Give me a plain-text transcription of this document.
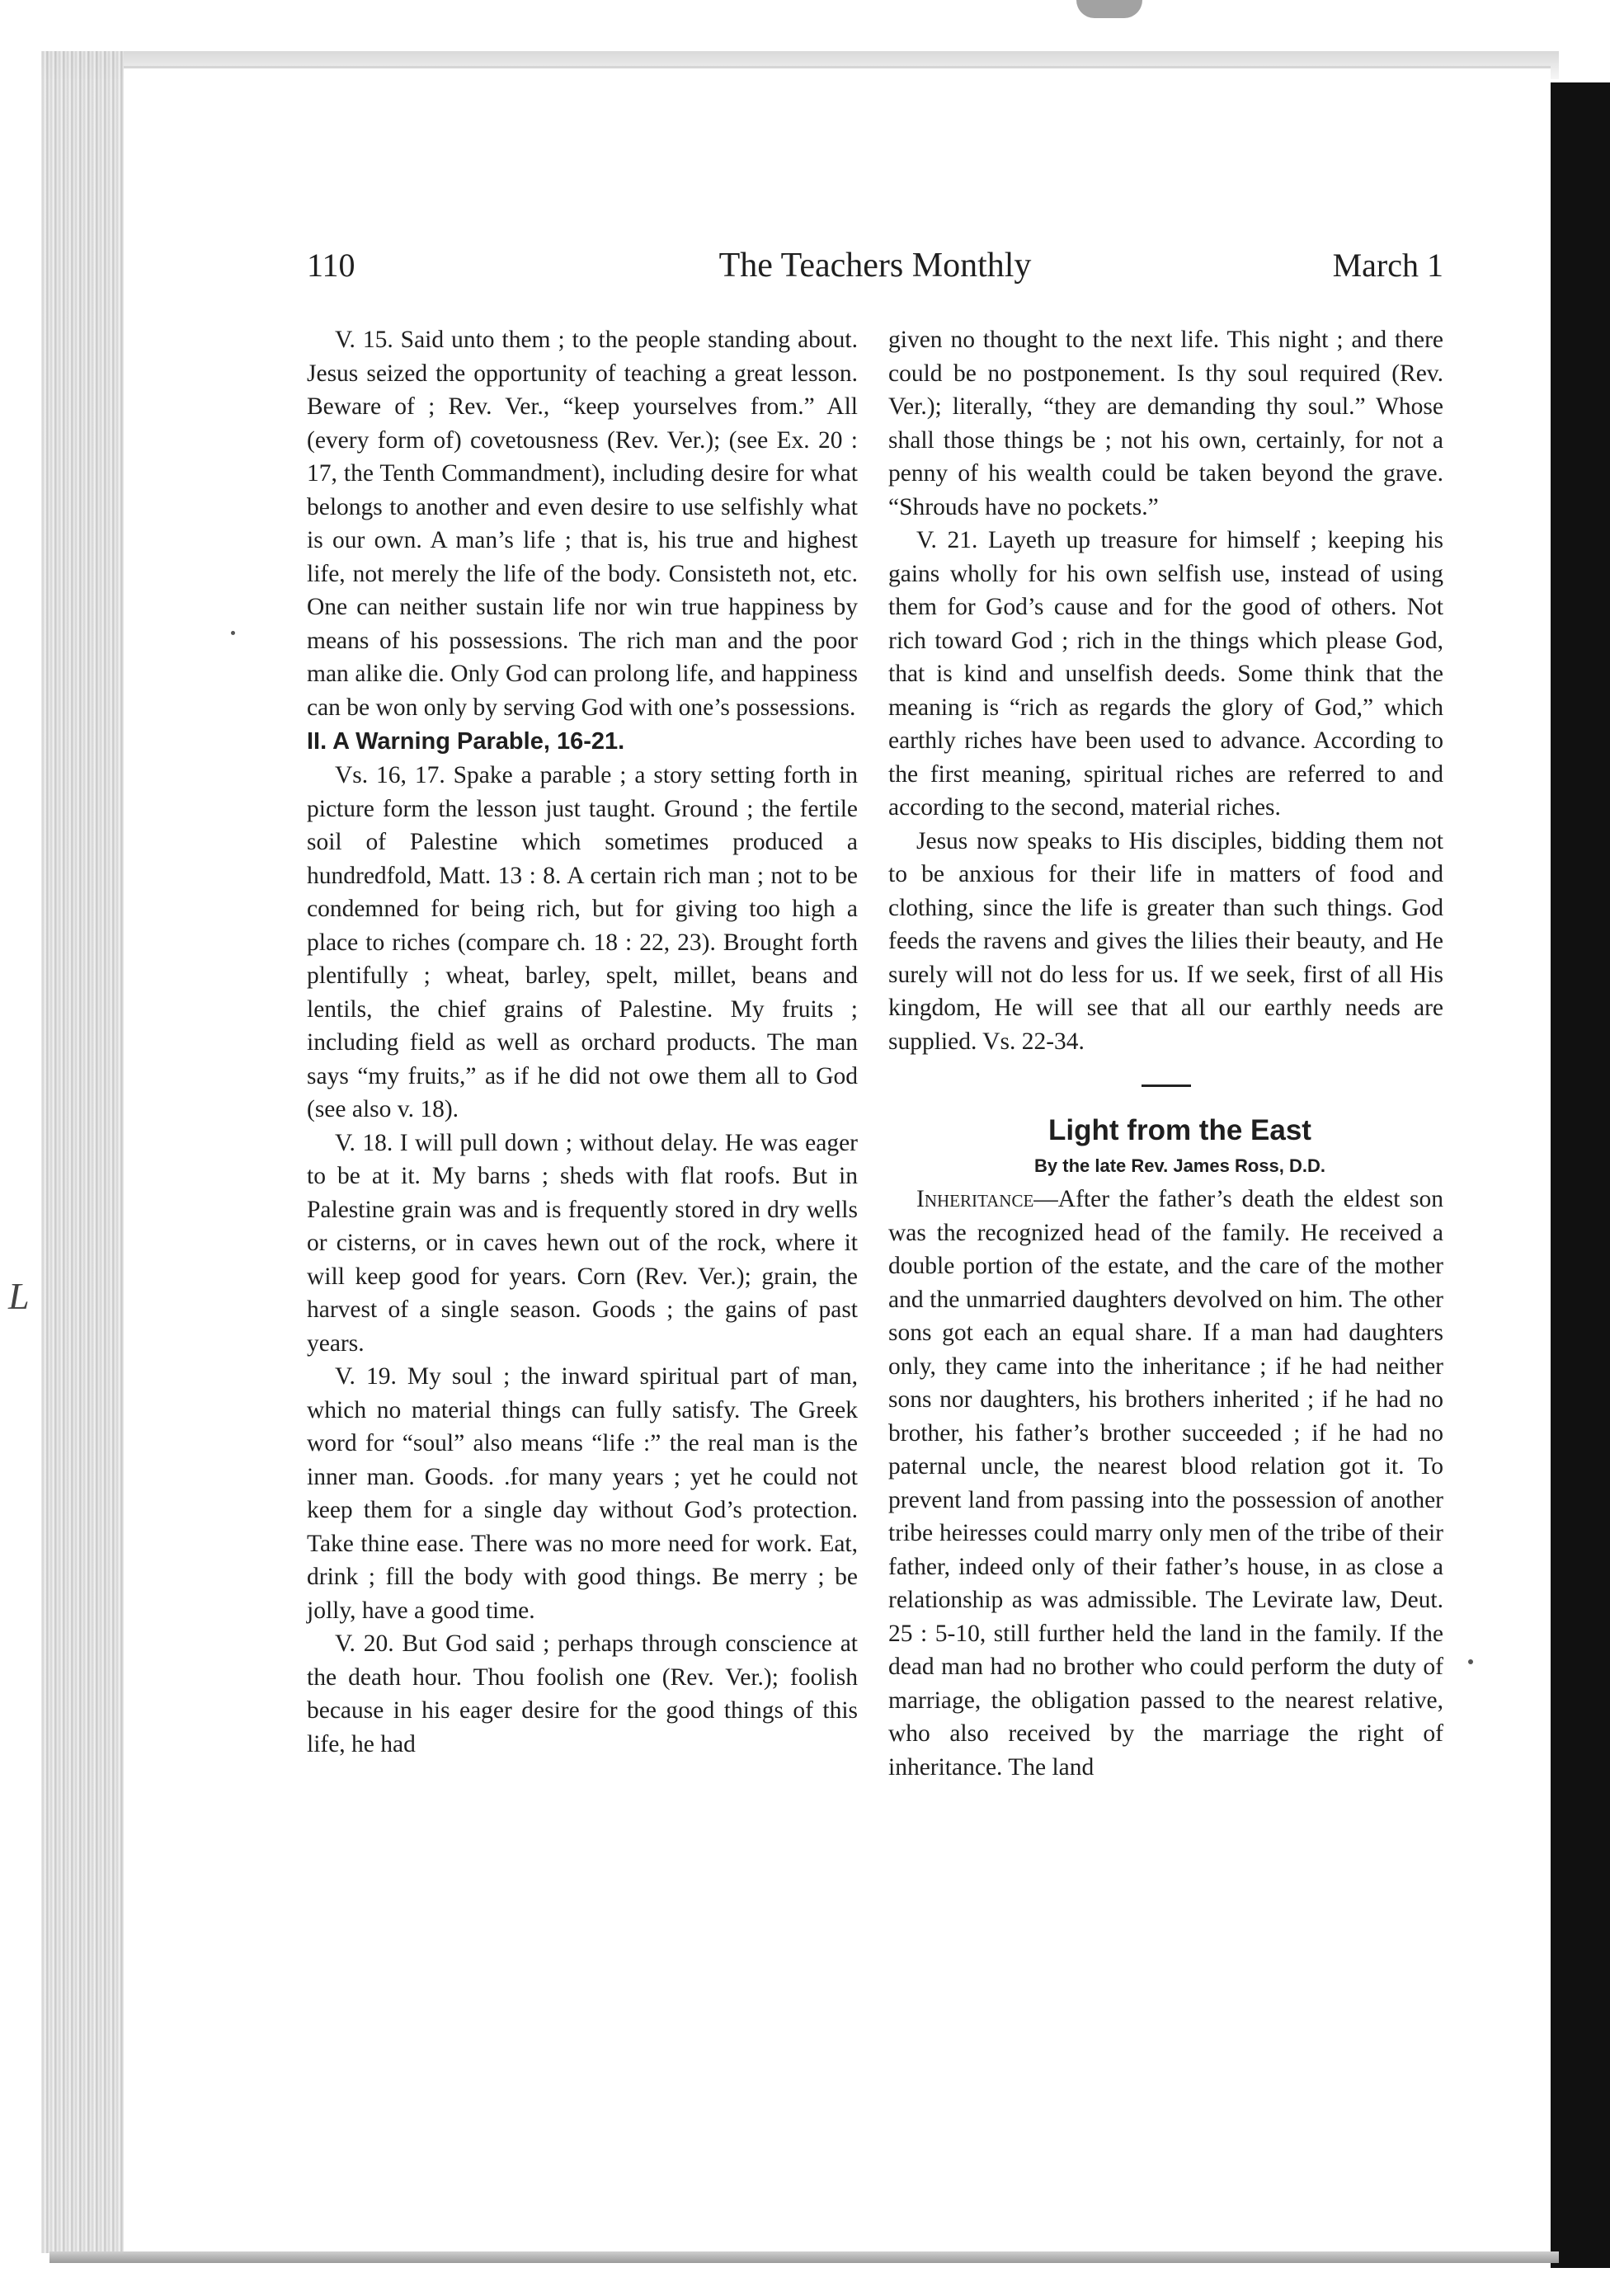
L
110	The Teachers Monthly	March 1

V. 15. Said unto them ; to the people standing about. Jesus seized the opportunity of teaching a great lesson. Beware of ; Rev. Ver., “keep yourselves from.” All (every form of) covetousness (Rev. Ver.); (see Ex. 20 : 17, the Tenth Commandment), including desire for what belongs to another and even desire to use selfishly what is our own. A man’s life ; that is, his true and highest life, not merely the life of the body. Consisteth not, etc. One can neither sustain life nor win true happiness by means of his possessions. The rich man and the poor man alike die. Only God can prolong life, and happiness can be won only by serving God with one’s possessions.

II. A Warning Parable, 16-21.

Vs. 16, 17. Spake a parable ; a story setting forth in picture form the lesson just taught. Ground ; the fertile soil of Palestine which sometimes produced a hundredfold, Matt. 13 : 8. A certain rich man ; not to be condemned for being rich, but for giving too high a place to riches (compare ch. 18 : 22, 23). Brought forth plentifully ; wheat, barley, spelt, millet, beans and lentils, the chief grains of Palestine. My fruits ; including field as well as orchard products. The man says “my fruits,” as if he did not owe them all to God (see also v. 18).

V. 18. I will pull down ; without delay. He was eager to be at it. My barns ; sheds with flat roofs. But in Palestine grain was and is frequently stored in dry wells or cisterns, or in caves hewn out of the rock, where it will keep good for years. Corn (Rev. Ver.); grain, the harvest of a single season. Goods ; the gains of past years.

V. 19. My soul ; the inward spiritual part of man, which no material things can fully satisfy. The Greek word for “soul” also means “life :” the real man is the inner man. Goods. .for many years ; yet he could not keep them for a single day without God’s protection. Take thine ease. There was no more need for work. Eat, drink ; fill the body with good things. Be merry ; be jolly, have a good time.

V. 20. But God said ; perhaps through conscience at the death hour. Thou foolish one (Rev. Ver.); foolish because in his eager desire for the good things of this life, he had

given no thought to the next life. This night ; and there could be no postponement. Is thy soul required (Rev. Ver.); literally, “they are demanding thy soul.” Whose shall those things be ; not his own, certainly, for not a penny of his wealth could be taken beyond the grave. “Shrouds have no pockets.”

V. 21. Layeth up treasure for himself ; keeping his gains wholly for his own selfish use, instead of using them for God’s cause and for the good of others. Not rich toward God ; rich in the things which please God, that is kind and unselfish deeds. Some think that the meaning is “rich as regards the glory of God,” which earthly riches have been used to advance. According to the first meaning, spiritual riches are referred to and according to the second, material riches.

Jesus now speaks to His disciples, bidding them not to be anxious for their life in matters of food and clothing, since the life is greater than such things. God feeds the ravens and gives the lilies their beauty, and He surely will not do less for us. If we seek, first of all His kingdom, He will see that all our earthly needs are supplied. Vs. 22-34.

Light from the East

By the late Rev. James Ross, D.D.

Inheritance—After the father’s death the eldest son was the recognized head of the family. He received a double portion of the estate, and the care of the mother and the unmarried daughters devolved on him. The other sons got each an equal share. If a man had daughters only, they came into the inheritance ; if he had neither sons nor daughters, his brothers inherited ; if he had no brother, his father’s brother succeeded ; if he had no paternal uncle, the nearest blood relation got it. To prevent land from passing into the possession of another tribe heiresses could marry only men of the tribe of their father, indeed only of their father’s house, in as close a relationship as was admissible. The Levirate law, Deut. 25 : 5-10, still further held the land in the family. If the dead man had no brother who could perform the duty of marriage, the obligation passed to the nearest relative, who also received by the marriage the right of inheritance. The land
